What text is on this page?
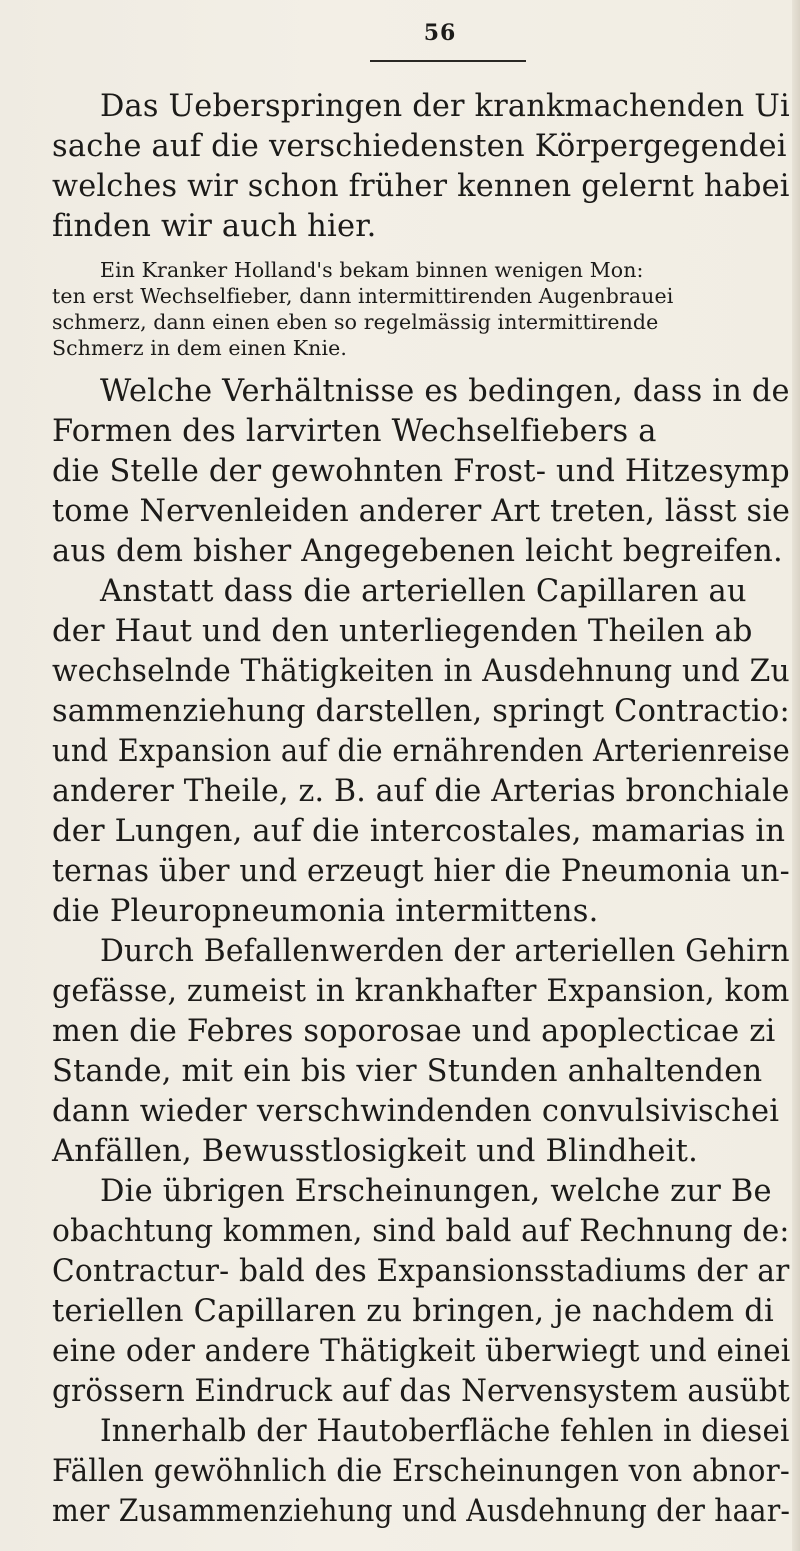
56
Das Ueberspringen der krankmachenden Ui
sache auf die verschiedensten Körpergegendei
welches wir schon früher kennen gelernt habei
finden wir auch hier.
Ein Kranker Holland's bekam binnen wenigen Mon:
ten erst Wechselfieber, dann intermittirenden Augenbrauei
schmerz, dann einen eben so regelmässig intermittirende
Schmerz in dem einen Knie.
Welche Verhältnisse es bedingen, dass in de
Formen des larvirten Wechselfiebers a
die Stelle der gewohnten Frost- und Hitzesymp
tome Nervenleiden anderer Art treten, lässt sie
aus dem bisher Angegebenen leicht begreifen.
Anstatt dass die arteriellen Capillaren au
der Haut und den unterliegenden Theilen ab
wechselnde Thätigkeiten in Ausdehnung und Zu
sammenziehung darstellen, springt Contractio:
und Expansion auf die ernährenden Arterienreise
anderer Theile, z. B. auf die Arterias bronchiale
der Lungen, auf die intercostales, mamarias in
ternas über und erzeugt hier die Pneumonia un-
die Pleuropneumonia intermittens.
Durch Befallenwerden der arteriellen Gehirn
gefässe, zumeist in krankhafter Expansion, kom
men die Febres soporosae und apoplecticae zi
Stande, mit ein bis vier Stunden anhaltenden
dann wieder verschwindenden convulsivischei
Anfällen, Bewusstlosigkeit und Blindheit.
Die übrigen Erscheinungen, welche zur Be
obachtung kommen, sind bald auf Rechnung de:
Contractur- bald des Expansionsstadiums der ar
teriellen Capillaren zu bringen, je nachdem di
eine oder andere Thätigkeit überwiegt und einei
grössern Eindruck auf das Nervensystem ausübt
Innerhalb der Hautoberfläche fehlen in diesei
Fällen gewöhnlich die Erscheinungen von abnor-
mer Zusammenziehung und Ausdehnung der haar-
